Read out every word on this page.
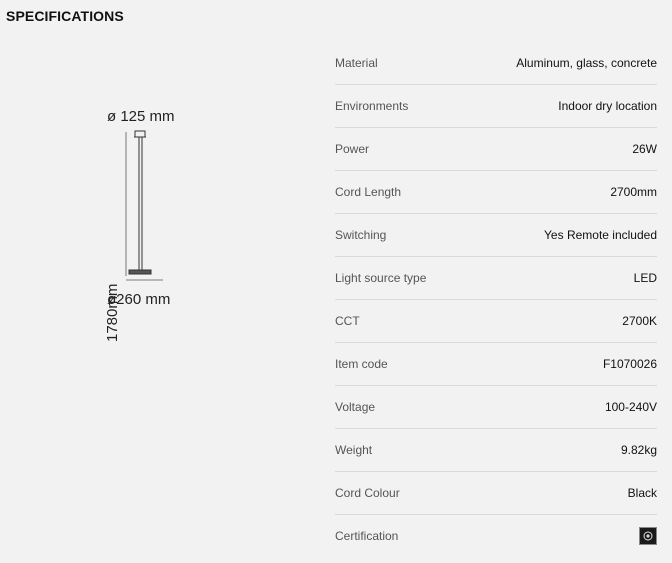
SPECIFICATIONS
ø 125 mm
1780mm
ø260 mm
Material	Aluminum, glass, concrete
Environments	Indoor dry location
Power	26W
Cord Length	2700mm
Switching	Yes Remote included
Light source type	LED
CCT	2700K
Item code	F1070026
Voltage	100-240V
Weight	9.82kg
Cord Colour	Black
Certification
